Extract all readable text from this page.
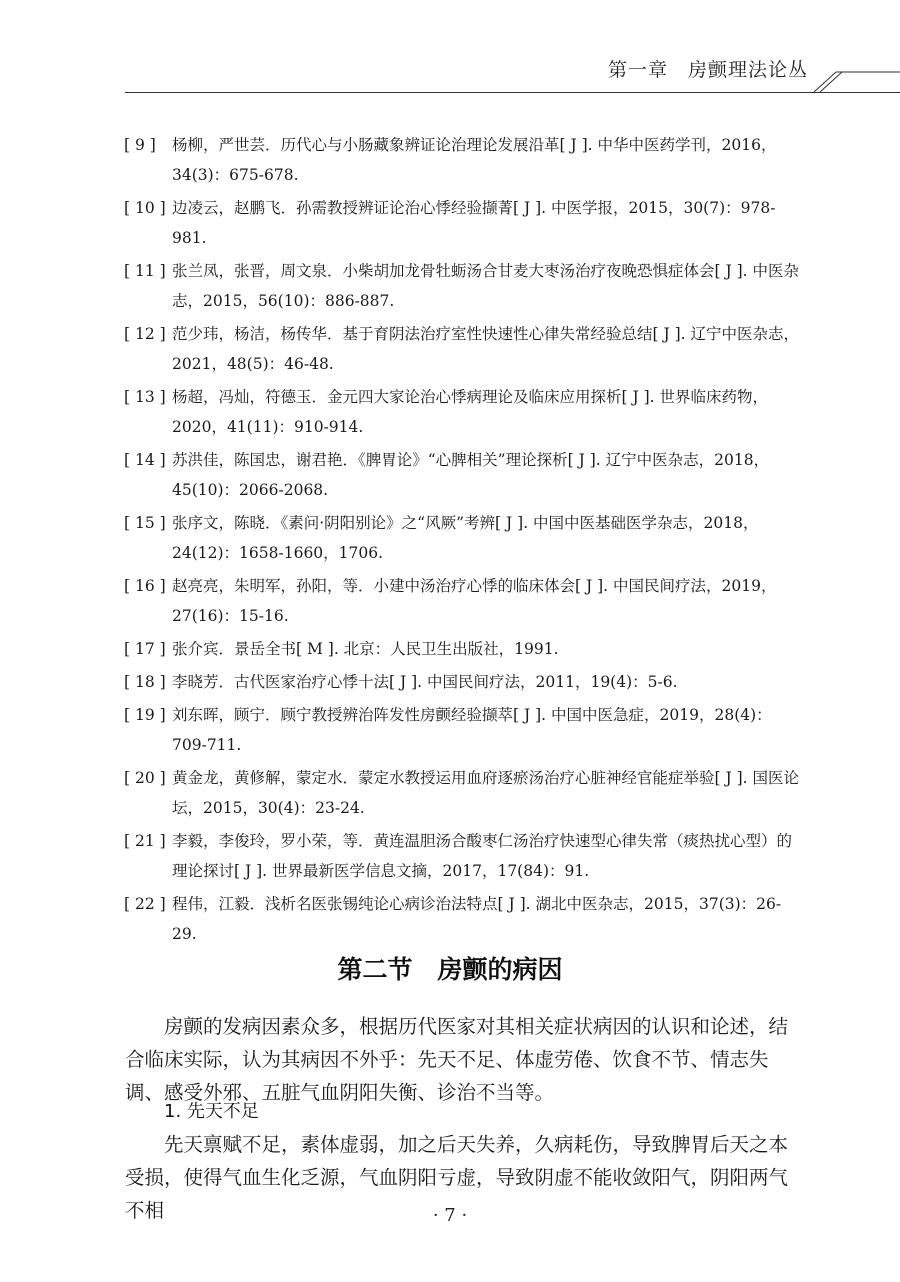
第一章　房颤理法论丛
[ 9 ] 杨柳，严世芸．历代心与小肠藏象辨证论治理论发展沿革[ J ]. 中华中医药学刊，2016，34(3)：675-678.
[ 10 ] 边凌云，赵鹏飞．孙需教授辨证论治心悸经验撷菁[ J ]. 中医学报，2015，30(7)：978-981.
[ 11 ] 张兰凤，张晋，周文泉．小柴胡加龙骨牡蛎汤合甘麦大枣汤治疗夜晚恐惧症体会[ J ]. 中医杂志，2015，56(10)：886-887.
[ 12 ] 范少玮，杨洁，杨传华．基于育阴法治疗室性快速性心律失常经验总结[ J ]. 辽宁中医杂志，2021，48(5)：46-48.
[ 13 ] 杨超，冯灿，符德玉．金元四大家论治心悸病理论及临床应用探析[ J ]. 世界临床药物，2020，41(11)：910-914.
[ 14 ] 苏洪佳，陈国忠，谢君艳．《脾胃论》“心脾相关”理论探析[ J ]. 辽宁中医杂志，2018，45(10)：2066-2068.
[ 15 ] 张序文，陈晓．《素问·阴阳别论》之“风厥”考辨[ J ]. 中国中医基础医学杂志，2018，24(12)：1658-1660，1706.
[ 16 ] 赵亮亮，朱明军，孙阳，等．小建中汤治疗心悸的临床体会[ J ]. 中国民间疗法，2019，27(16)：15-16.
[ 17 ] 张介宾．景岳全书[ M ]. 北京：人民卫生出版社，1991.
[ 18 ] 李晓芳．古代医家治疗心悸十法[ J ]. 中国民间疗法，2011，19(4)：5-6.
[ 19 ] 刘东晖，顾宁．顾宁教授辨治阵发性房颤经验撷萃[ J ]. 中国中医急症，2019，28(4)：709-711.
[ 20 ] 黄金龙，黄修解，蒙定水．蒙定水教授运用血府逐瘀汤治疗心脏神经官能症举验[ J ]. 国医论坛，2015，30(4)：23-24.
[ 21 ] 李毅，李俊玲，罗小荣，等．黄连温胆汤合酸枣仁汤治疗快速型心律失常（痰热扰心型）的理论探讨[ J ]. 世界最新医学信息文摘，2017，17(84)：91.
[ 22 ] 程伟，江毅．浅析名医张锡纯论心病诊治法特点[ J ]. 湖北中医杂志，2015，37(3)：26-29.
第二节　房颤的病因

房颤的发病因素众多，根据历代医家对其相关症状病因的认识和论述，结合临床实际，认为其病因不外乎：先天不足、体虚劳倦、饮食不节、情志失调、感受外邪、五脏气血阴阳失衡、诊治不当等。

1. 先天不足

先天禀赋不足，素体虚弱，加之后天失养，久病耗伤，导致脾胃后天之本受损，使得气血生化乏源，气血阴阳亏虚，导致阴虚不能收敛阳气，阴阳两气不相	· 7 ·
